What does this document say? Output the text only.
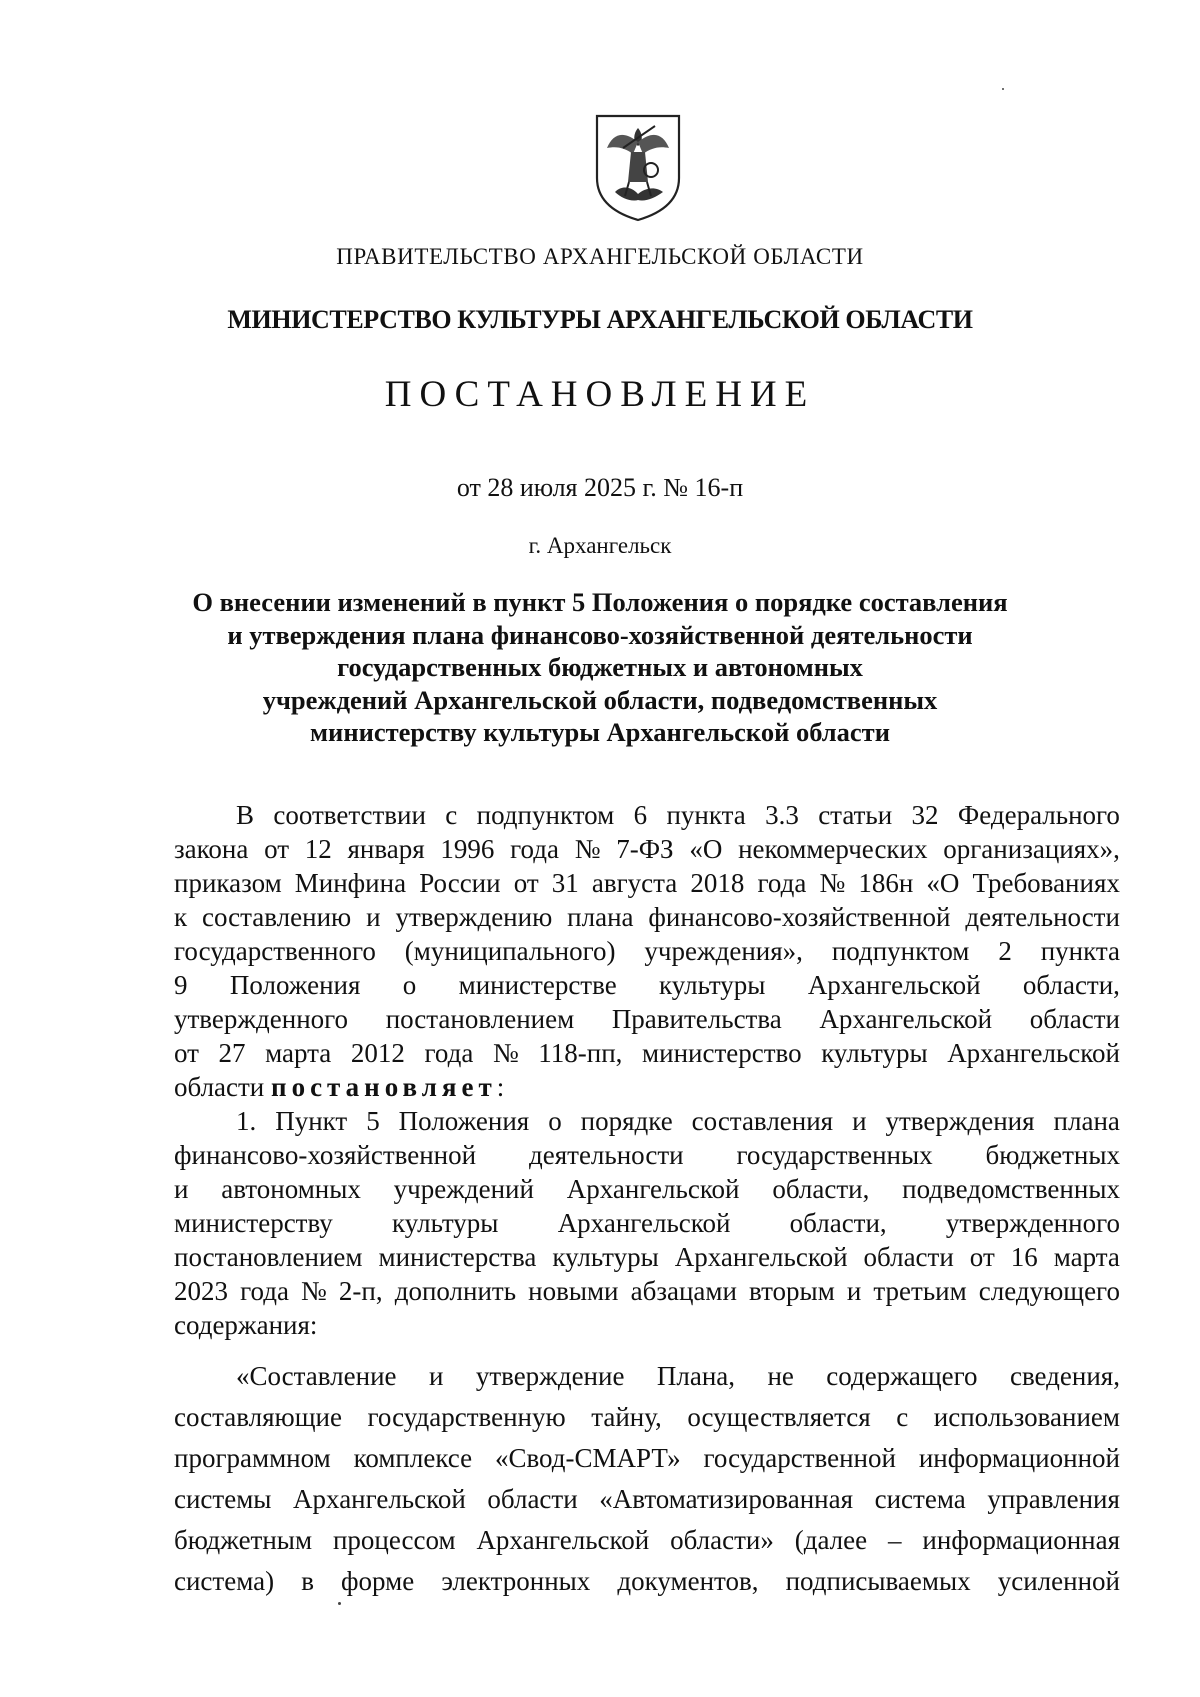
ПРАВИТЕЛЬСТВО АРХАНГЕЛЬСКОЙ ОБЛАСТИ
МИНИСТЕРСТВО КУЛЬТУРЫ АРХАНГЕЛЬСКОЙ ОБЛАСТИ
ПОСТАНОВЛЕНИЕ
от 28 июля 2025 г. № 16-п
г. Архангельск
О внесении изменений в пункт 5 Положения о порядке составления
и утверждения плана финансово-хозяйственной деятельности
государственных бюджетных и автономных
учреждений Архангельской области, подведомственных
министерству культуры Архангельской области
В соответствии с подпунктом 6 пункта 3.3 статьи 32 Федерального
закона от 12 января 1996 года № 7-ФЗ «О некоммерческих организациях»,
приказом Минфина России от 31 августа 2018 года № 186н «О Требованиях
к составлению и утверждению плана финансово-хозяйственной деятельности
государственного (муниципального) учреждения», подпунктом 2 пункта
9 Положения о министерстве культуры Архангельской области,
утвержденного постановлением Правительства Архангельской области
от 27 марта 2012 года № 118-пп, министерство культуры Архангельской
области
постановляет :
1. Пункт 5 Положения о порядке составления и утверждения плана
финансово-хозяйственной деятельности государственных бюджетных
и автономных учреждений Архангельской области, подведомственных
министерству культуры Архангельской области, утвержденного
постановлением министерства культуры Архангельской области от 16 марта
2023 года № 2-п, дополнить новыми абзацами вторым и третьим следующего
содержания:
«Составление и утверждение Плана, не содержащего сведения,
составляющие государственную тайну, осуществляется с использованием
программном комплексе «Свод-СМАРТ» государственной информационной
системы Архангельской области «Автоматизированная система управления
бюджетным процессом Архангельской области» (далее – информационная
система) в форме электронных документов, подписываемых усиленной
